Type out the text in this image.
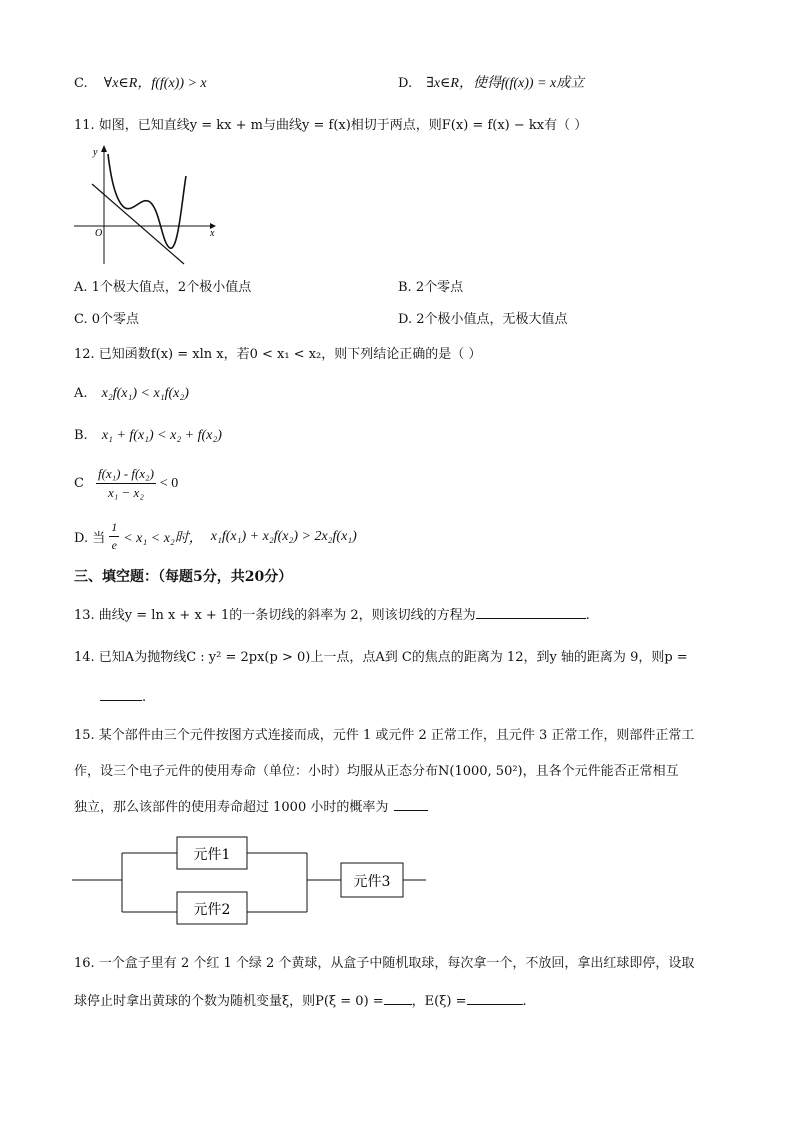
C. ∀x∈R，f(f(x)) > x	D. ∃x∈R，使得f(f(x)) = x成立
11. 如图，已知直线y = kx + m与曲线y = f(x)相切于两点，则F(x) = f(x) − kx有（ ）
y
x
O
A. 1个极大值点，2个极小值点	B. 2个零点
C. 0个零点	D. 2个极小值点，无极大值点
12. 已知函数f(x) = xln x，若0 < x₁ < x₂，则下列结论正确的是（ ）
A. x₂f(x₁) < x₁f(x₂)
B. x₁ + f(x₁) < x₂ + f(x₂)
C $\frac{\text{f(x₁) - f(x₂)}}{\text{x₁ − x₂}} < 0$
D. 当 $\frac{1}{e} < x_1 < x_2$时， x₁f(x₁) + x₂f(x₂) > 2x₂f(x₁)
三、填空题：（每题5分，共20分）
13. 曲线y = ln x + x + 1的一条切线的斜率为 2，则该切线的方程为	.
14. 已知A为抛物线C : y² = 2px(p > 0)上一点，点A到 C的焦点的距离为 12，到y 轴的距离为 9，则p =
.
15. 某个部件由三个元件按图方式连接而成，元件 1 或元件 2 正常工作，且元件 3 正常工作，则部件正常工
作，设三个电子元件的使用寿命（单位：小时）均服从正态分布N(1000, 50²)，且各个元件能否正常相互
独立，那么该部件的使用寿命超过 1000 小时的概率为
元件1
元件2
元件3
16. 一个盒子里有 2 个红 1 个绿 2 个黄球，从盒子中随机取球，每次拿一个，不放回，拿出红球即停，设取
球停止时拿出黄球的个数为随机变量ξ，则P(ξ = 0) = ，E(ξ) =	.
